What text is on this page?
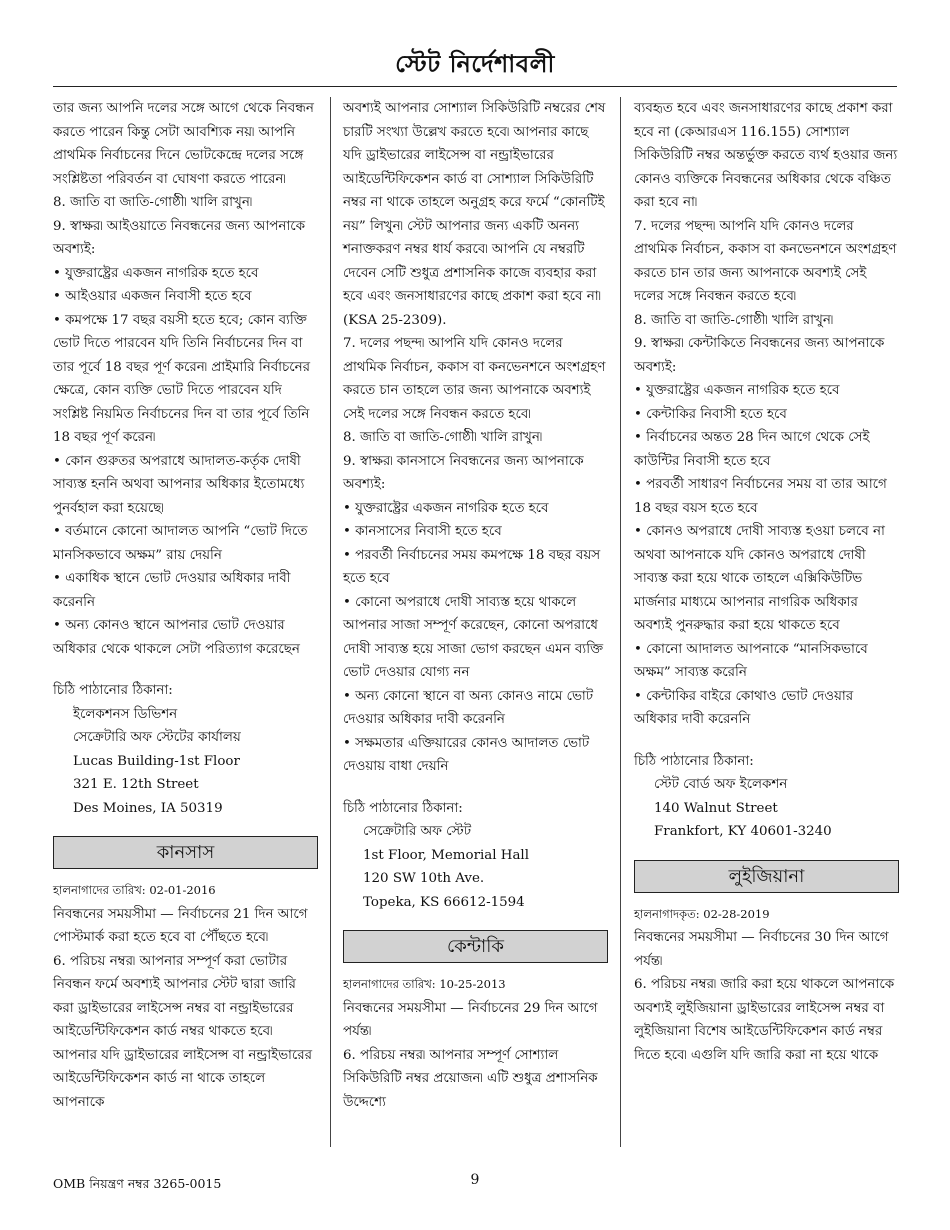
স্টেট নির্দেশাবলী

তার জন্য আপনি দলের সঙ্গে আগে থেকে নিবন্ধন করতে পারেন কিন্তু সেটা আবশ্যিক নয়৷ আপনি প্রাথমিক নির্বাচনের দিনে ভোটকেন্দ্রে দলের সঙ্গে সংশ্লিষ্টতা পরিবর্তন বা ঘোষণা করতে পারেন৷

8. জাতি বা জাতি-গোষ্ঠী৷ খালি রাখুন৷

9. স্বাক্ষর৷ আইওয়াতে নিবন্ধনের জন্য আপনাকে অবশ্যই:

• যুক্তরাষ্ট্রের একজন নাগরিক হতে হবে

• আইওয়ার একজন নিবাসী হতে হবে

• কমপক্ষে 17 বছর বয়সী হতে হবে; কোন ব্যক্তি ভোট দিতে পারবেন যদি তিনি নির্বাচনের দিন বা তার পূর্বে 18 বছর পূর্ণ করেন৷ প্রাইমারি নির্বাচনের ক্ষেত্রে, কোন ব্যক্তি ভোট দিতে পারবেন যদি সংশ্লিষ্ট নিয়মিত নির্বাচনের দিন বা তার পূর্বে তিনি 18 বছর পূর্ণ করেন৷

• কোন গুরুতর অপরাধে আদালত-কর্তৃক দোষী সাব্যস্ত হননি অথবা আপনার অধিকার ইতোমধ্যে পুনর্বহাল করা হয়েছে৷

• বর্তমানে কোনো আদালত আপনি “ভোট দিতে মানসিকভাবে অক্ষম” রায় দেয়নি

• একাধিক স্থানে ভোট দেওয়ার অধিকার দাবী করেননি

• অন্য কোনও স্থানে আপনার ভোট দেওয়ার অধিকার থেকে থাকলে সেটা পরিত্যাগ করেছেন

চিঠি পাঠানোর ঠিকানা:
ইলেকশনস ডিভিশন
সেক্রেটারি অফ স্টেটের কার্যালয়
Lucas Building-1st Floor
321 E. 12th Street
Des Moines, IA 50319
কানসাস
হালনাগাদের তারিখ: 02-01-2016

নিবন্ধনের সময়সীমা — নির্বাচনের 21 দিন আগে পোস্টমার্ক করা হতে হবে বা পৌঁছতে হবে৷

6. পরিচয় নম্বর৷ আপনার সম্পূর্ণ করা ভোটার নিবন্ধন ফর্মে অবশ্যই আপনার স্টেট দ্বারা জারি করা ড্রাইভারের লাইসেন্স নম্বর বা নন্ড্রাইভারের আইডেন্টিফিকেশন কার্ড নম্বর থাকতে হবে৷ আপনার যদি ড্রাইভারের লাইসেন্স বা নন্ড্রাইভারের আইডেন্টিফিকেশন কার্ড না থাকে তাহলে আপনাকে

অবশ্যই আপনার সোশ্যাল সিকিউরিটি নম্বরের শেষ চারটি সংখ্যা উল্লেখ করতে হবে৷ আপনার কাছে যদি ড্রাইভারের লাইসেন্স বা নন্ড্রাইভারের আইডেন্টিফিকেশন কার্ড বা সোশ্যাল সিকিউরিটি নম্বর না থাকে তাহলে অনুগ্রহ করে ফর্মে “কোনটিই নয়” লিখুন৷ স্টেট আপনার জন্য একটি অনন্য শনাক্তকরণ নম্বর ধার্য করবে৷ আপনি যে নম্বরটি দেবেন সেটি শুধুত্র প্রশাসনিক কাজে ব্যবহার করা হবে এবং জনসাধারণের কাছে প্রকাশ করা হবে না৷ (KSA 25-2309).

7. দলের পছন্দ৷ আপনি যদি কোনও দলের প্রাথমিক নির্বাচন, ককাস বা কনভেনশনে অংশগ্রহণ করতে চান তাহলে তার জন্য আপনাকে অবশ্যই সেই দলের সঙ্গে নিবন্ধন করতে হবে৷

8. জাতি বা জাতি-গোষ্ঠী৷ খালি রাখুন৷

9. স্বাক্ষর৷ কানসাসে নিবন্ধনের জন্য আপনাকে অবশ্যই:

• যুক্তরাষ্ট্রের একজন নাগরিক হতে হবে

• কানসাসের নিবাসী হতে হবে

• পরবর্তী নির্বাচনের সময় কমপক্ষে 18 বছর বয়স হতে হবে

• কোনো অপরাধে দোষী সাব্যস্ত হয়ে থাকলে আপনার সাজা সম্পূর্ণ করেছেন, কোনো অপরাধে দোষী সাব্যস্ত হয়ে সাজা ভোগ করছেন এমন ব্যক্তি ভোট দেওয়ার যোগ্য নন

• অন্য কোনো স্থানে বা অন্য কোনও নামে ভোট দেওয়ার অধিকার দাবী করেননি

• সক্ষমতার এক্তিয়ারের কোনও আদালত ভোট দেওয়ায় বাধা দেয়নি

চিঠি পাঠানোর ঠিকানা:
সেক্রেটারি অফ স্টেট
1st Floor, Memorial Hall
120 SW 10th Ave.
Topeka, KS 66612-1594
কেন্টাকি
হালনাগাদের তারিখ: 10-25-2013

নিবন্ধনের সময়সীমা — নির্বাচনের 29 দিন আগে পর্যন্ত৷

6. পরিচয় নম্বর৷ আপনার সম্পূর্ণ সোশ্যাল সিকিউরিটি নম্বর প্রয়োজন৷ এটি শুধুত্র প্রশাসনিক উদ্দেশ্যে

ব্যবহৃত হবে এবং জনসাধারণের কাছে প্রকাশ করা হবে না (কেআরএস 116.155) সোশ্যাল সিকিউরিটি নম্বর অন্তর্ভুক্ত করতে ব্যর্থ হওয়ার জন্য কোনও ব্যক্তিকে নিবন্ধনের অধিকার থেকে বঞ্চিত করা হবে না৷

7. দলের পছন্দ৷ আপনি যদি কোনও দলের প্রাথমিক নির্বাচন, ককাস বা কনভেনশনে অংশগ্রহণ করতে চান তার জন্য আপনাকে অবশ্যই সেই দলের সঙ্গে নিবন্ধন করতে হবে৷

8. জাতি বা জাতি-গোষ্ঠী৷ খালি রাখুন৷

9. স্বাক্ষর৷ কেন্টাকিতে নিবন্ধনের জন্য আপনাকে অবশ্যই:

• যুক্তরাষ্ট্রের একজন নাগরিক হতে হবে

• কেন্টাকির নিবাসী হতে হবে

• নির্বাচনের অন্তত 28 দিন আগে থেকে সেই কাউন্টির নিবাসী হতে হবে

• পরবর্তী সাধারণ নির্বাচনের সময় বা তার আগে 18 বছর বয়স হতে হবে

• কোনও অপরাধে দোষী সাব্যস্ত হওয়া চলবে না অথবা আপনাকে যদি কোনও অপরাধে দোষী সাব্যস্ত করা হয়ে থাকে তাহলে এক্সিকিউটিভ মার্জনার মাধ্যমে আপনার নাগরিক অধিকার অবশ্যই পুনরুদ্ধার করা হয়ে থাকতে হবে

• কোনো আদালত আপনাকে “মানসিকভাবে অক্ষম” সাব্যস্ত করেনি

• কেন্টাকির বাইরে কোথাও ভোট দেওয়ার অধিকার দাবী করেননি

চিঠি পাঠানোর ঠিকানা:
স্টেট বোর্ড অফ ইলেকশন
140 Walnut Street
Frankfort, KY 40601-3240
লুইজিয়ানা
হালনাগাদকৃত: 02-28-2019

নিবন্ধনের সময়সীমা — নির্বাচনের 30 দিন আগে পর্যন্ত৷

6. পরিচয় নম্বর৷ জারি করা হয়ে থাকলে আপনাকে অবশ্যই লুইজিয়ানা ড্রাইভারের লাইসেন্স নম্বর বা লুইজিয়ানা বিশেষ আইডেন্টিফিকেশন কার্ড নম্বর দিতে হবে৷ এগুলি যদি জারি করা না হয়ে থাকে

OMB নিয়ন্ত্রণ নম্বর 3265-0015	9
